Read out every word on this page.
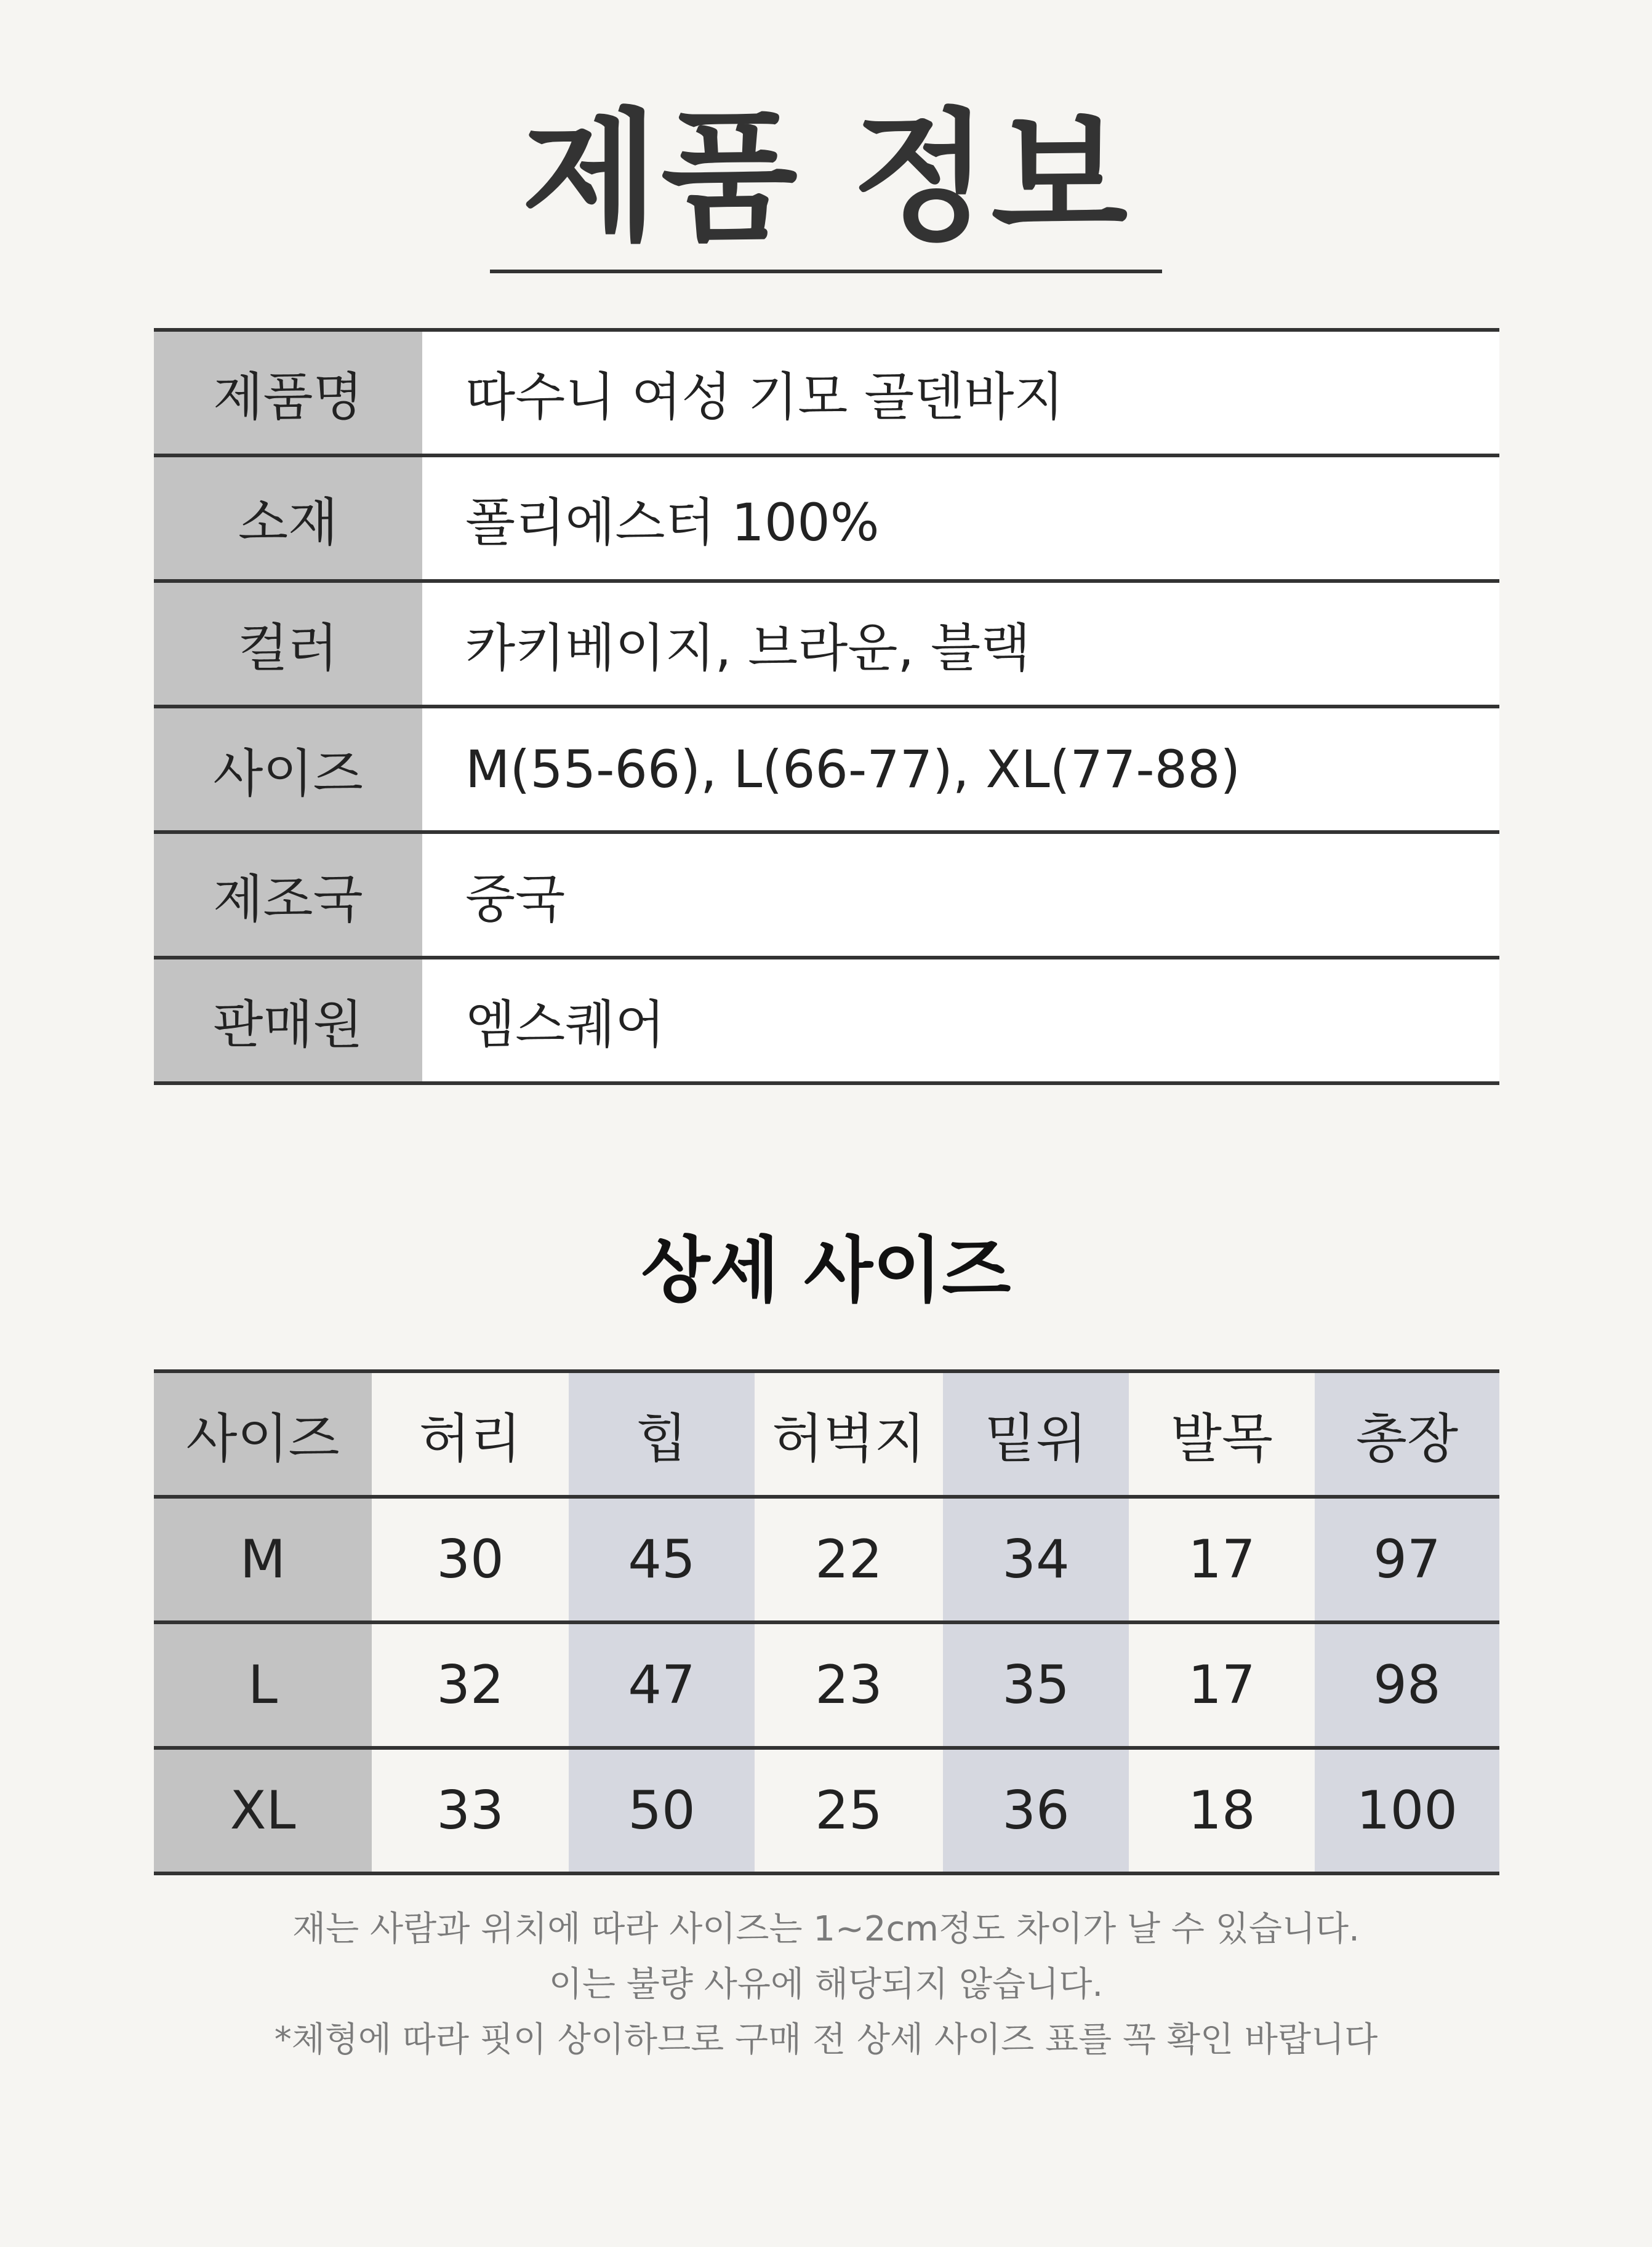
제품 정보
제품명	따수니 여성 기모 골덴바지
소재	폴리에스터 100%
컬러	카키베이지, 브라운, 블랙
사이즈	M(55-66), L(66-77), XL(77-88)
제조국	중국
판매원	엠스퀘어
상세 사이즈
사이즈	허리	힙	허벅지	밑위	발목	총장
M	30	45	22	34	17	97
L	32	47	23	35	17	98
XL	33	50	25	36	18	100
재는 사람과 위치에 따라 사이즈는 1~2cm정도 차이가 날 수 있습니다.
이는 불량 사유에 해당되지 않습니다.
*체형에 따라 핏이 상이하므로 구매 전 상세 사이즈 표를 꼭 확인 바랍니다
